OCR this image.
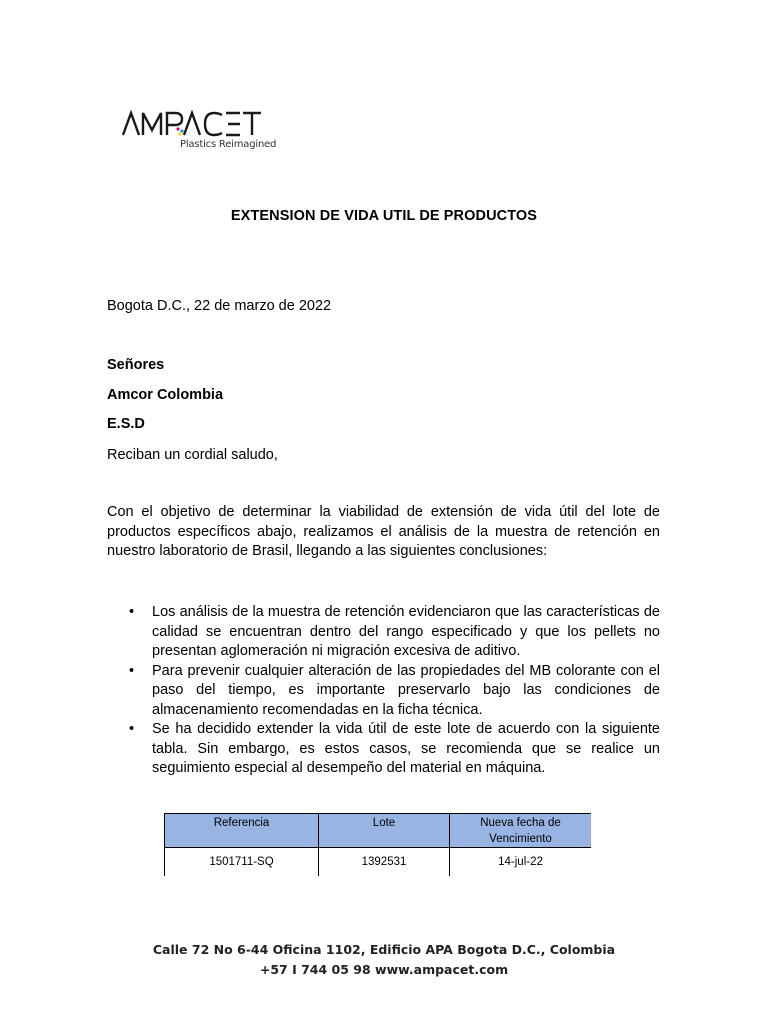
Plastics Reimagined
EXTENSION DE VIDA UTIL DE PRODUCTOS
Bogota D.C., 22 de marzo de 2022
Señores
Amcor Colombia
E.S.D
Reciban un cordial saludo,

Con el objetivo de determinar la viabilidad de extensión de vida útil del lote de productos específicos abajo, realizamos el análisis de la muestra de retención en nuestro laboratorio de Brasil, llegando a las siguientes conclusiones:

• Los análisis de la muestra de retención evidenciaron que las características de calidad se encuentran dentro del rango especificado y que los pellets no presentan aglomeración ni migración excesiva de aditivo.
• Para prevenir cualquier alteración de las propiedades del MB colorante con el paso del tiempo, es importante preservarlo bajo las condiciones de almacenamiento recomendadas en la ficha técnica.
• Se ha decidido extender la vida útil de este lote de acuerdo con la siguiente tabla. Sin embargo, es estos casos, se recomienda que se realice un seguimiento especial al desempeño del material en máquina.
Referencia	Lote	Nueva fecha de Vencimiento
1501711-SQ	1392531	14-jul-22
Calle 72 No 6-44 Oficina 1102, Edificio APA Bogota D.C., Colombia
+57 I 744 05 98 www.ampacet.com
